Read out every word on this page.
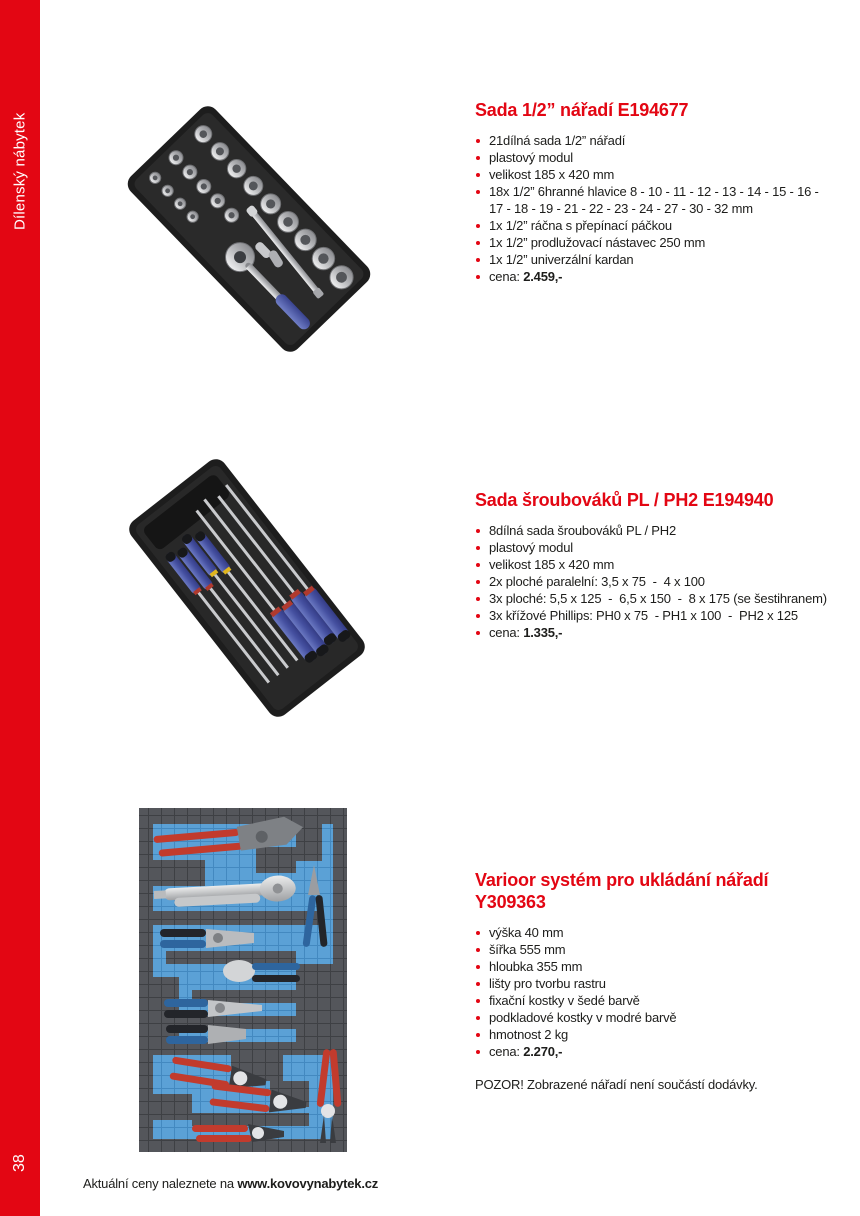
Dílenský nábytek
38
Sada 1/2” nářadí E194677
21dílná sada 1/2” nářadí
plastový modul
velikost 185 x 420 mm
18x 1/2” 6hranné hlavice 8 - 10 - 11 - 12 - 13 - 14 - 15 - 16 - 17 - 18 - 19 - 21 - 22 - 23 - 24 - 27 - 30 - 32 mm
1x 1/2” ráčna s přepínací páčkou
1x 1/2” prodlužovací nástavec 250 mm
1x 1/2” univerzální kardan
cena: 2.459,-
Sada šroubováků PL / PH2 E194940
8dílná sada šroubováků PL / PH2
plastový modul
velikost 185 x 420 mm
2x ploché paralelní: 3,5 x 75  -  4 x 100
3x ploché: 5,5 x 125  -  6,5 x 150  -  8 x 175 (se šestihranem)
3x křížové Phillips: PH0 x 75  - PH1 x 100  -  PH2 x 125
cena: 1.335,-
Varioor systém pro ukládání nářadí Y309363
výška 40 mm
šířka 555 mm
hloubka 355 mm
lišty pro tvorbu rastru
fixační kostky v šedé barvě
podkladové kostky v modré barvě
hmotnost 2 kg
cena: 2.270,-

POZOR! Zobrazené nářadí není součástí dodávky.

Aktuální ceny naleznete na www.kovovynabytek.cz
